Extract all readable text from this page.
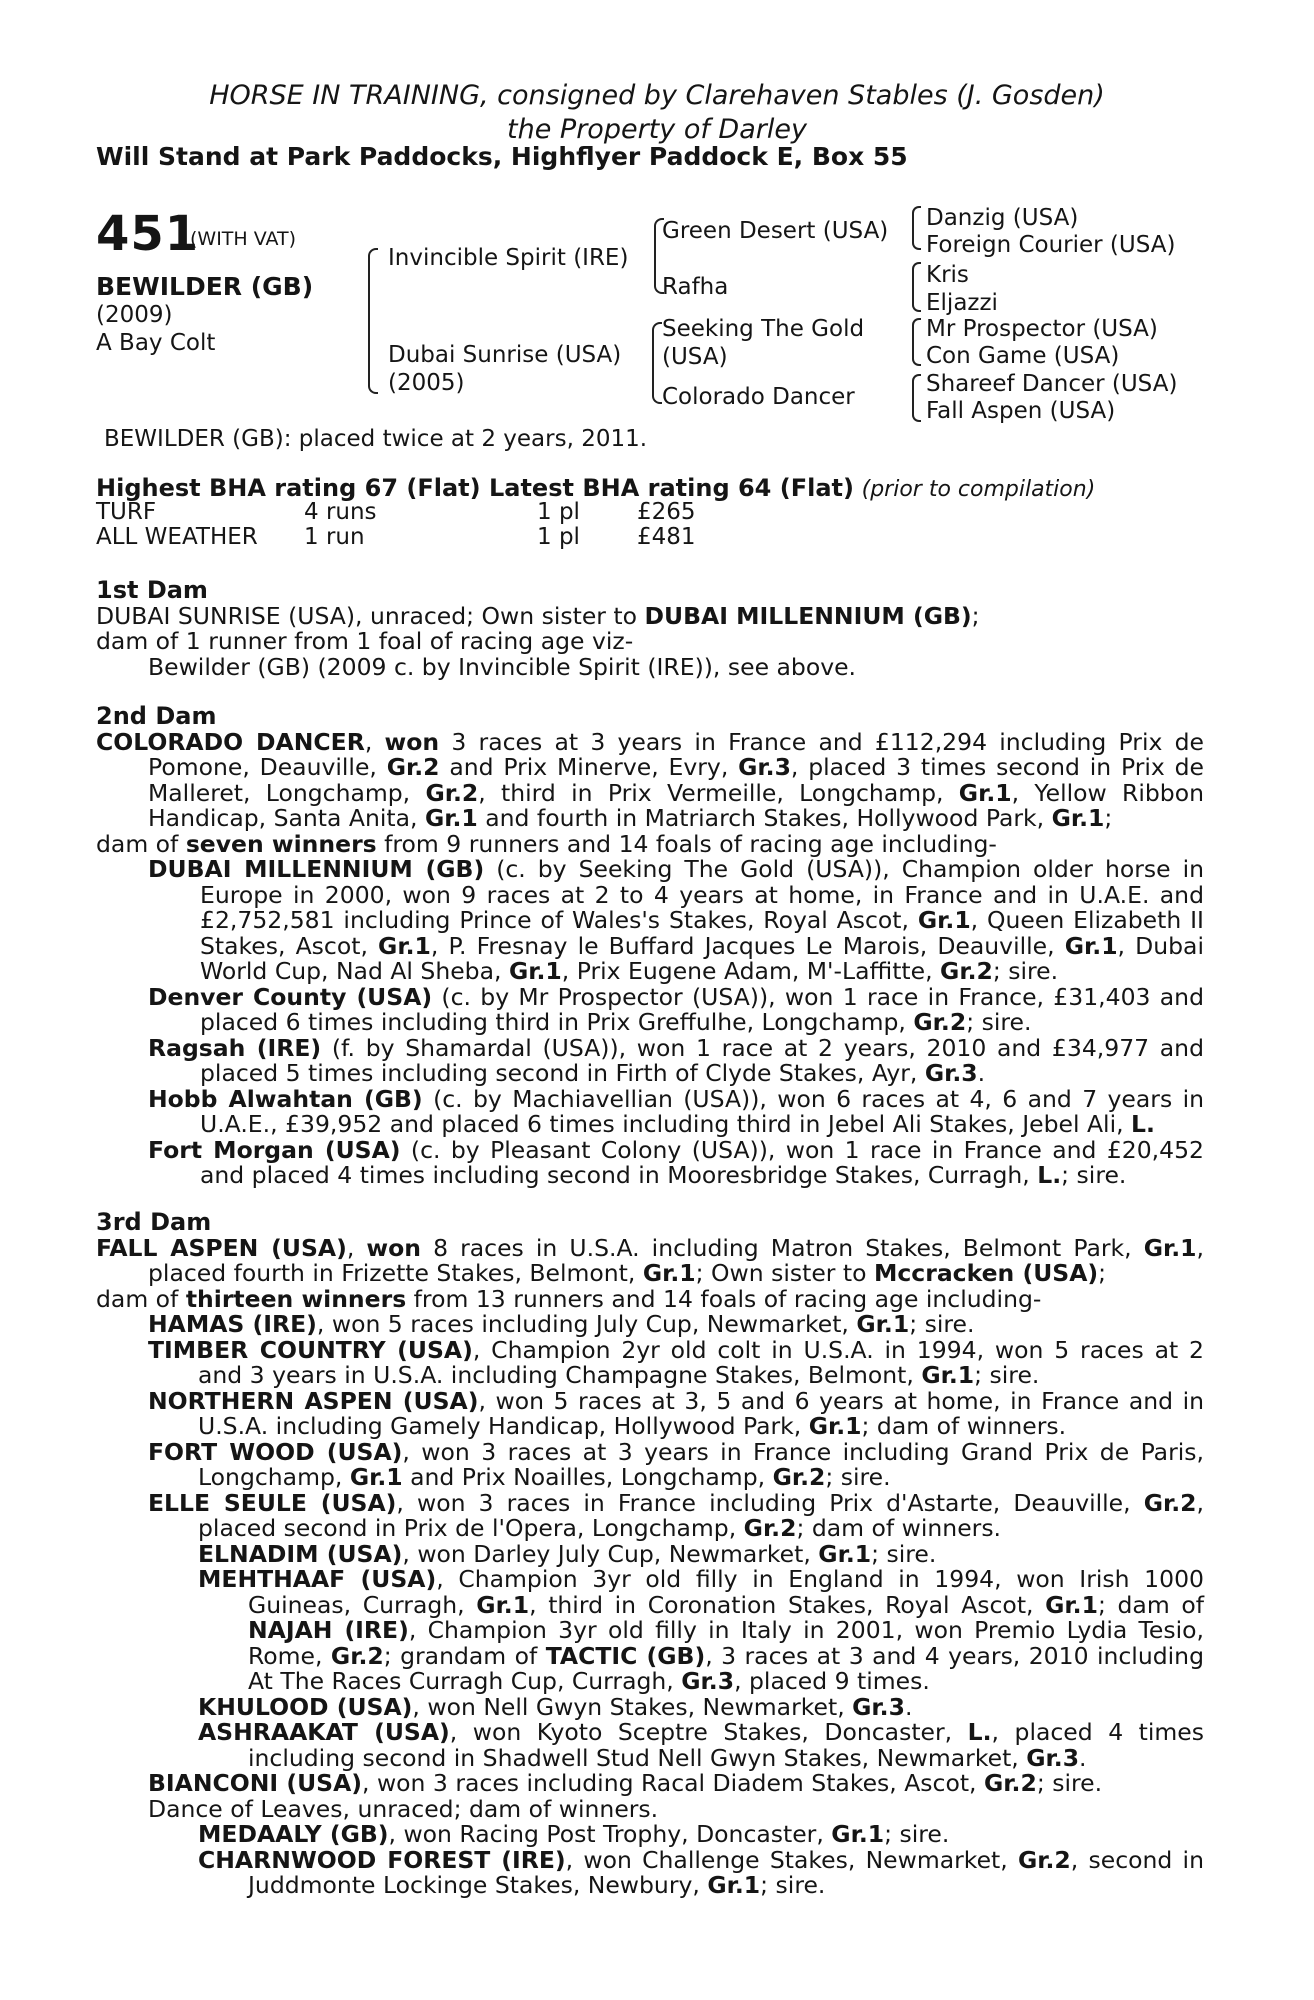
HORSE IN TRAINING, consigned by Clarehaven Stables (J. Gosden)
the Property of Darley
Will Stand at Park Paddocks, Highflyer Paddock E, Box 55
451
(WITH VAT)
BEWILDER (GB)
(2009)
A Bay Colt
Invincible Spirit (IRE)
Dubai Sunrise (USA)
(2005)
Green Desert (USA)
Rafha
Seeking The Gold
(USA)
Colorado Dancer
Danzig (USA)
Foreign Courier (USA)
Kris
Eljazzi
Mr Prospector (USA)
Con Game (USA)
Shareef Dancer (USA)
Fall Aspen (USA)
BEWILDER (GB): placed twice at 2 years, 2011.
Highest BHA rating 67 (Flat) Latest BHA rating 64 (Flat) (prior to compilation)
TURF	4 runs	1 pl	£265
ALL WEATHER	1 run	1 pl	£481

1st Dam

DUBAI SUNRISE (USA), unraced; Own sister to DUBAI MILLENNIUM (GB);

dam of 1 runner from 1 foal of racing age viz-

Bewilder (GB) (2009 c. by Invincible Spirit (IRE)), see above.

2nd Dam

COLORADO DANCER, won 3 races at 3 years in France and £112,294 including Prix de Pomone, Deauville, Gr.2 and Prix Minerve, Evry, Gr.3, placed 3 times second in Prix de Malleret, Longchamp, Gr.2, third in Prix Vermeille, Longchamp, Gr.1, Yellow Ribbon Handicap, Santa Anita, Gr.1 and fourth in Matriarch Stakes, Hollywood Park, Gr.1;

dam of seven winners from 9 runners and 14 foals of racing age including-

DUBAI MILLENNIUM (GB) (c. by Seeking The Gold (USA)), Champion older horse in Europe in 2000, won 9 races at 2 to 4 years at home, in France and in U.A.E. and £2,752,581 including Prince of Wales's Stakes, Royal Ascot, Gr.1, Queen Elizabeth II Stakes, Ascot, Gr.1, P. Fresnay le Buffard Jacques Le Marois, Deauville, Gr.1, Dubai World Cup, Nad Al Sheba, Gr.1, Prix Eugene Adam, M'-Laffitte, Gr.2; sire.

Denver County (USA) (c. by Mr Prospector (USA)), won 1 race in France, £31,403 and placed 6 times including third in Prix Greffulhe, Longchamp, Gr.2; sire.

Ragsah (IRE) (f. by Shamardal (USA)), won 1 race at 2 years, 2010 and £34,977 and placed 5 times including second in Firth of Clyde Stakes, Ayr, Gr.3.

Hobb Alwahtan (GB) (c. by Machiavellian (USA)), won 6 races at 4, 6 and 7 years in U.A.E., £39,952 and placed 6 times including third in Jebel Ali Stakes, Jebel Ali, L.

Fort Morgan (USA) (c. by Pleasant Colony (USA)), won 1 race in France and £20,452 and placed 4 times including second in Mooresbridge Stakes, Curragh, L.; sire.

3rd Dam

FALL ASPEN (USA), won 8 races in U.S.A. including Matron Stakes, Belmont Park, Gr.1, placed fourth in Frizette Stakes, Belmont, Gr.1; Own sister to Mccracken (USA);

dam of thirteen winners from 13 runners and 14 foals of racing age including-

HAMAS (IRE), won 5 races including July Cup, Newmarket, Gr.1; sire.

TIMBER COUNTRY (USA), Champion 2yr old colt in U.S.A. in 1994, won 5 races at 2 and 3 years in U.S.A. including Champagne Stakes, Belmont, Gr.1; sire.

NORTHERN ASPEN (USA), won 5 races at 3, 5 and 6 years at home, in France and in U.S.A. including Gamely Handicap, Hollywood Park, Gr.1; dam of winners.

FORT WOOD (USA), won 3 races at 3 years in France including Grand Prix de Paris, Longchamp, Gr.1 and Prix Noailles, Longchamp, Gr.2; sire.

ELLE SEULE (USA), won 3 races in France including Prix d'Astarte, Deauville, Gr.2, placed second in Prix de l'Opera, Longchamp, Gr.2; dam of winners.

ELNADIM (USA), won Darley July Cup, Newmarket, Gr.1; sire.

MEHTHAAF (USA), Champion 3yr old filly in England in 1994, won Irish 1000 Guineas, Curragh, Gr.1, third in Coronation Stakes, Royal Ascot, Gr.1; dam of NAJAH (IRE), Champion 3yr old filly in Italy in 2001, won Premio Lydia Tesio, Rome, Gr.2; grandam of TACTIC (GB), 3 races at 3 and 4 years, 2010 including At The Races Curragh Cup, Curragh, Gr.3, placed 9 times.

KHULOOD (USA), won Nell Gwyn Stakes, Newmarket, Gr.3.

ASHRAAKAT (USA), won Kyoto Sceptre Stakes, Doncaster, L., placed 4 times including second in Shadwell Stud Nell Gwyn Stakes, Newmarket, Gr.3.

BIANCONI (USA), won 3 races including Racal Diadem Stakes, Ascot, Gr.2; sire.

Dance of Leaves, unraced; dam of winners.

MEDAALY (GB), won Racing Post Trophy, Doncaster, Gr.1; sire.

CHARNWOOD FOREST (IRE), won Challenge Stakes, Newmarket, Gr.2, second in Juddmonte Lockinge Stakes, Newbury, Gr.1; sire.
